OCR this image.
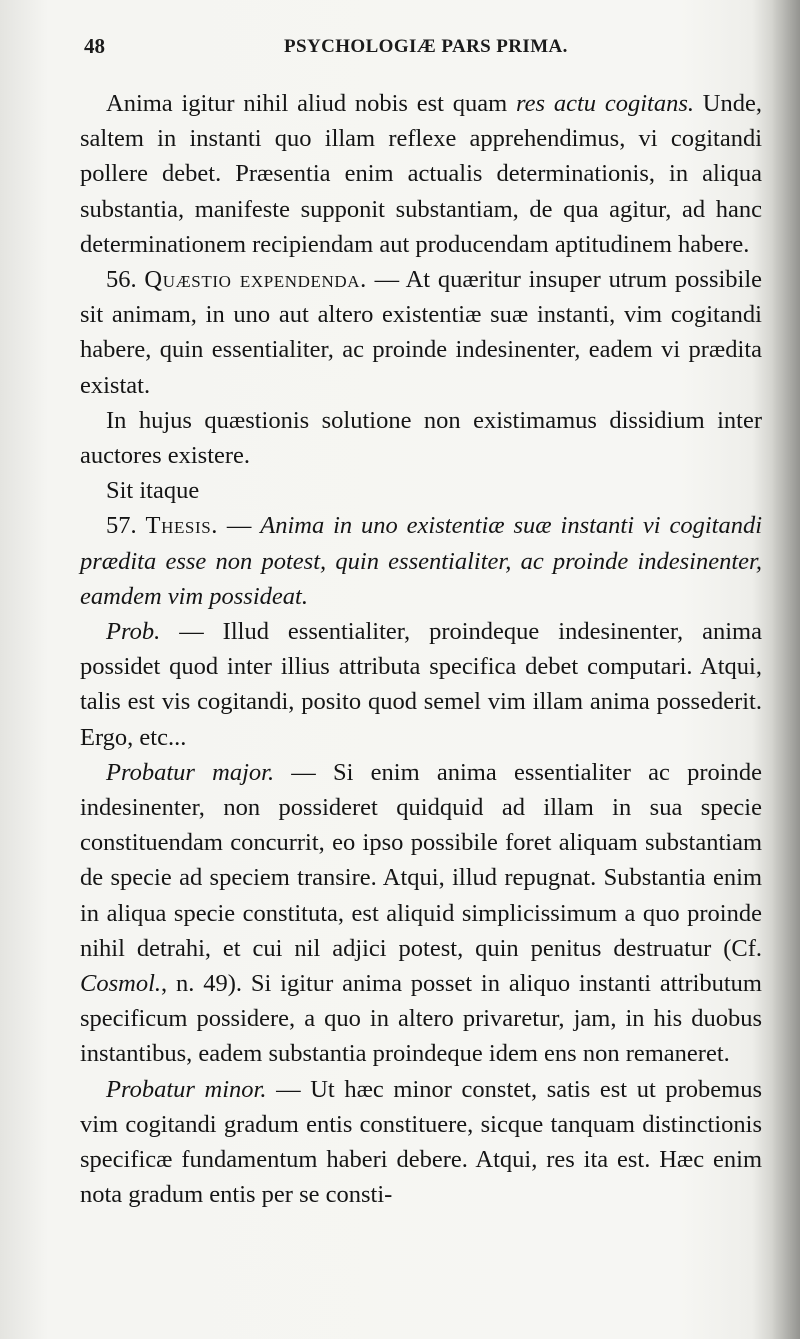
48	PSYCHOLOGIÆ PARS PRIMA.

Anima igitur nihil aliud nobis est quam res actu cogitans. Unde, saltem in instanti quo illam reflexe apprehendimus, vi cogitandi pollere debet. Præsentia enim actualis determinationis, in aliqua substantia, manifeste supponit substantiam, de qua agitur, ad hanc determinationem recipiendam aut producendam aptitudinem habere.

56. Quæstio expendenda. — At quæritur insuper utrum possibile sit animam, in uno aut altero existentiæ suæ instanti, vim cogitandi habere, quin essentialiter, ac proinde indesinenter, eadem vi prædita existat.

In hujus quæstionis solutione non existimamus dissidium inter auctores existere.

Sit itaque

57. Thesis. — Anima in uno existentiæ suæ instanti vi cogitandi prædita esse non potest, quin essentialiter, ac proinde indesinenter, eamdem vim possideat.

Prob. — Illud essentialiter, proindeque indesinenter, anima possidet quod inter illius attributa specifica debet computari. Atqui, talis est vis cogitandi, posito quod semel vim illam anima possederit. Ergo, etc...

Probatur major. — Si enim anima essentialiter ac proinde indesinenter, non possideret quidquid ad illam in sua specie constituendam concurrit, eo ipso possibile foret aliquam substantiam de specie ad speciem transire. Atqui, illud repugnat. Substantia enim in aliqua specie constituta, est aliquid simplicissimum a quo proinde nihil detrahi, et cui nil adjici potest, quin penitus destruatur (Cf. Cosmol., n. 49). Si igitur anima posset in aliquo instanti attributum specificum possidere, a quo in altero privaretur, jam, in his duobus instantibus, eadem substantia proindeque idem ens non remaneret.

Probatur minor. — Ut hæc minor constet, satis est ut probemus vim cogitandi gradum entis constituere, sicque tanquam distinctionis specificæ fundamentum haberi debere. Atqui, res ita est. Hæc enim nota gradum entis per se consti-
